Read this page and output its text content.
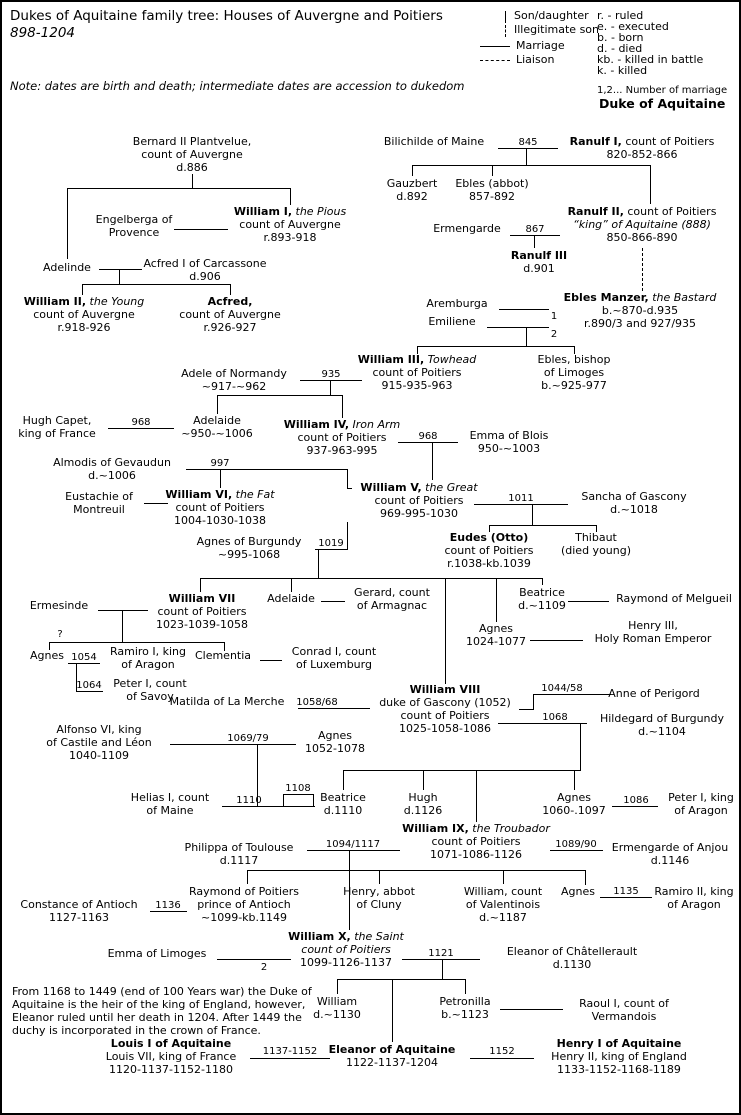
Dukes of Aquitaine family tree: Houses of Auvergne and Poitiers
898-1204
Note: dates are birth and death; intermediate dates are accession to dukedom
Son/daughter
Illegitimate son
Marriage
Liaison
r. - ruled
e. - executed
b. - born
d. - died
kb. - killed in battle
k. - killed
1,2... Number of marriage
Duke of Aquitaine
845
867
1
2
935
968
968
997
1011
1019
?
1054
1064
1058/68
1044/58
1068
1069/79
1110
1108
1086
1094/1117	1089/90
1136
1135
1121
2
1137-1152	1152
Bernard II Plantvelue,
count of Auvergne
d.886
Engelberga of
Provence
William I, the Pious
count of Auvergne
r.893-918
Adelinde	Acfred I of Carcassone
d.906
William II, the Young
count of Auvergne
r.918-926
Acfred,
count of Auvergne
r.926-927
Bilichilde of Maine	Ranulf I, count of Poitiers
820-852-866
Gauzbert
d.892
Ebles (abbot)
857-892
Ranulf II, count of Poitiers
“king” of Aquitaine (888)
850-866-890
Ermengarde
Ranulf III
d.901
Ebles Manzer, the Bastard
b.~870-d.935
r.890/3 and 927/935
Aremburga
Emiliene
William III, Towhead
count of Poitiers
915-935-963
Ebles, bishop
of Limoges
b.~925-977
Adele of Normandy
~917-~962
Hugh Capet,
king of France
Adelaide
~950-~1006
William IV, Iron Arm
count of Poitiers
937-963-995
Emma of Blois
950-~1003
Almodis of Gevaudun
d.~1006
Eustachie of
Montreuil
William VI, the Fat
count of Poitiers
1004-1030-1038
William V, the Great
count of Poitiers
969-995-1030
Sancha of Gascony
d.~1018
Eudes (Otto)
count of Poitiers
r.1038-kb.1039
Thibaut
(died young)
Agnes of Burgundy
~995-1068
William VII
count of Poitiers
1023-1039-1058
Ermesinde
Adelaide	Gerard, count
of Armagnac
Beatrice
d.~1109
Raymond of Melgueil
Agnes
1024-1077
Henry III,
Holy Roman Emperor
Agnes	Ramiro I, king
of Aragon
Peter I, count
of Savoy
Clementia	Conrad I, count
of Luxemburg
Matilda of La Merche
William VIII
duke of Gascony (1052)
count of Poitiers
1025-1058-1086
Anne of Perigord
Hildegard of Burgundy
d.~1104
Alfonso VI, king
of Castile and Léon
1040-1109
Agnes
1052-1078
Helias I, count
of Maine
Beatrice
d.1110
Hugh
d.1126
Agnes
1060-.1097
Peter I, king
of Aragon
William IX, the Troubador
count of Poitiers
1071-1086-1126
Philippa of Toulouse
d.1117
Ermengarde of Anjou
d.1146
Raymond of Poitiers
prince of Antioch
~1099-kb.1149
Constance of Antioch
1127-1163
Henry, abbot
of Cluny
William, count
of Valentinois
d.~1187
Agnes	Ramiro II, king
of Aragon
William X, the Saint
count of Poitiers
1099-1126-1137
Emma of Limoges	Eleanor of Châtellerault
d.1130
William
d.~1130
Petronilla
b.~1123
Raoul I, count of
Vermandois
Louis I of Aquitaine
Louis VII, king of France
1120-1137-1152-1180
Eleanor of Aquitaine
1122-1137-1204
Henry I of Aquitaine
Henry II, king of England
1133-1152-1168-1189
From 1168 to 1449 (end of 100 Years war) the Duke of
Aquitaine is the heir of the king of England, however,
Eleanor ruled until her death in 1204. After 1449 the
duchy is incorporated in the crown of France.
